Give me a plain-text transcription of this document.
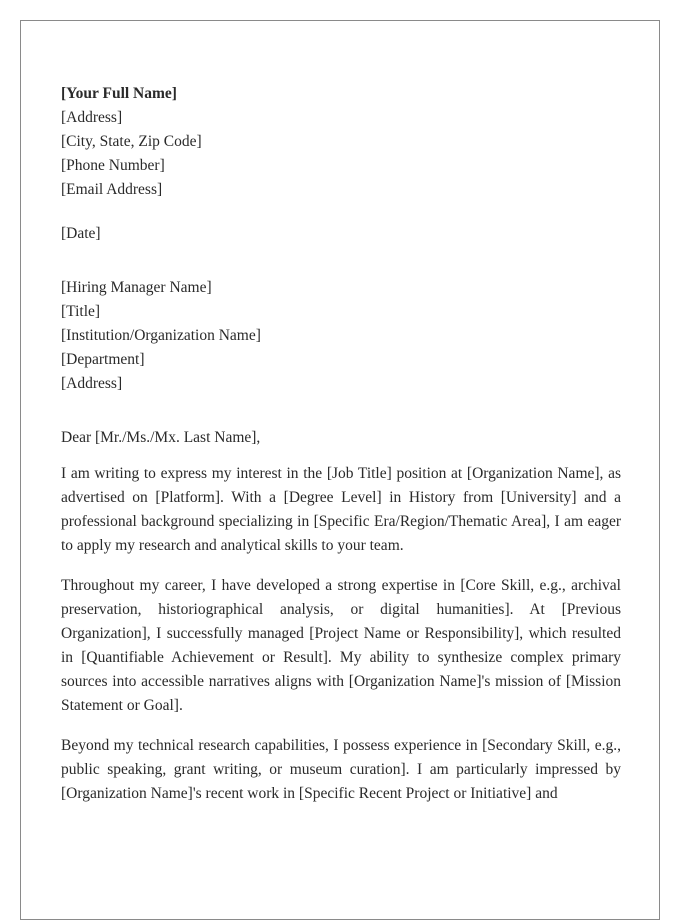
[Your Full Name]
[Address]
[City, State, Zip Code]
[Phone Number]
[Email Address]
[Date]
[Hiring Manager Name]
[Title]
[Institution/Organization Name]
[Department]
[Address]
Dear [Mr./Ms./Mx. Last Name],

I am writing to express my interest in the [Job Title] position at [Organization Name], as advertised on [Platform]. With a [Degree Level] in History from [University] and a professional background specializing in [Specific Era/Region/Thematic Area], I am eager to apply my research and analytical skills to your team.

Throughout my career, I have developed a strong expertise in [Core Skill, e.g., archival preservation, historiographical analysis, or digital humanities]. At [Previous Organization], I successfully managed [Project Name or Responsibility], which resulted in [Quantifiable Achievement or Result]. My ability to synthesize complex primary sources into accessible narratives aligns with [Organization Name]'s mission of [Mission Statement or Goal].

Beyond my technical research capabilities, I possess experience in [Secondary Skill, e.g., public speaking, grant writing, or museum curation]. I am particularly impressed by [Organization Name]'s recent work in [Specific Recent Project or Initiative] and
